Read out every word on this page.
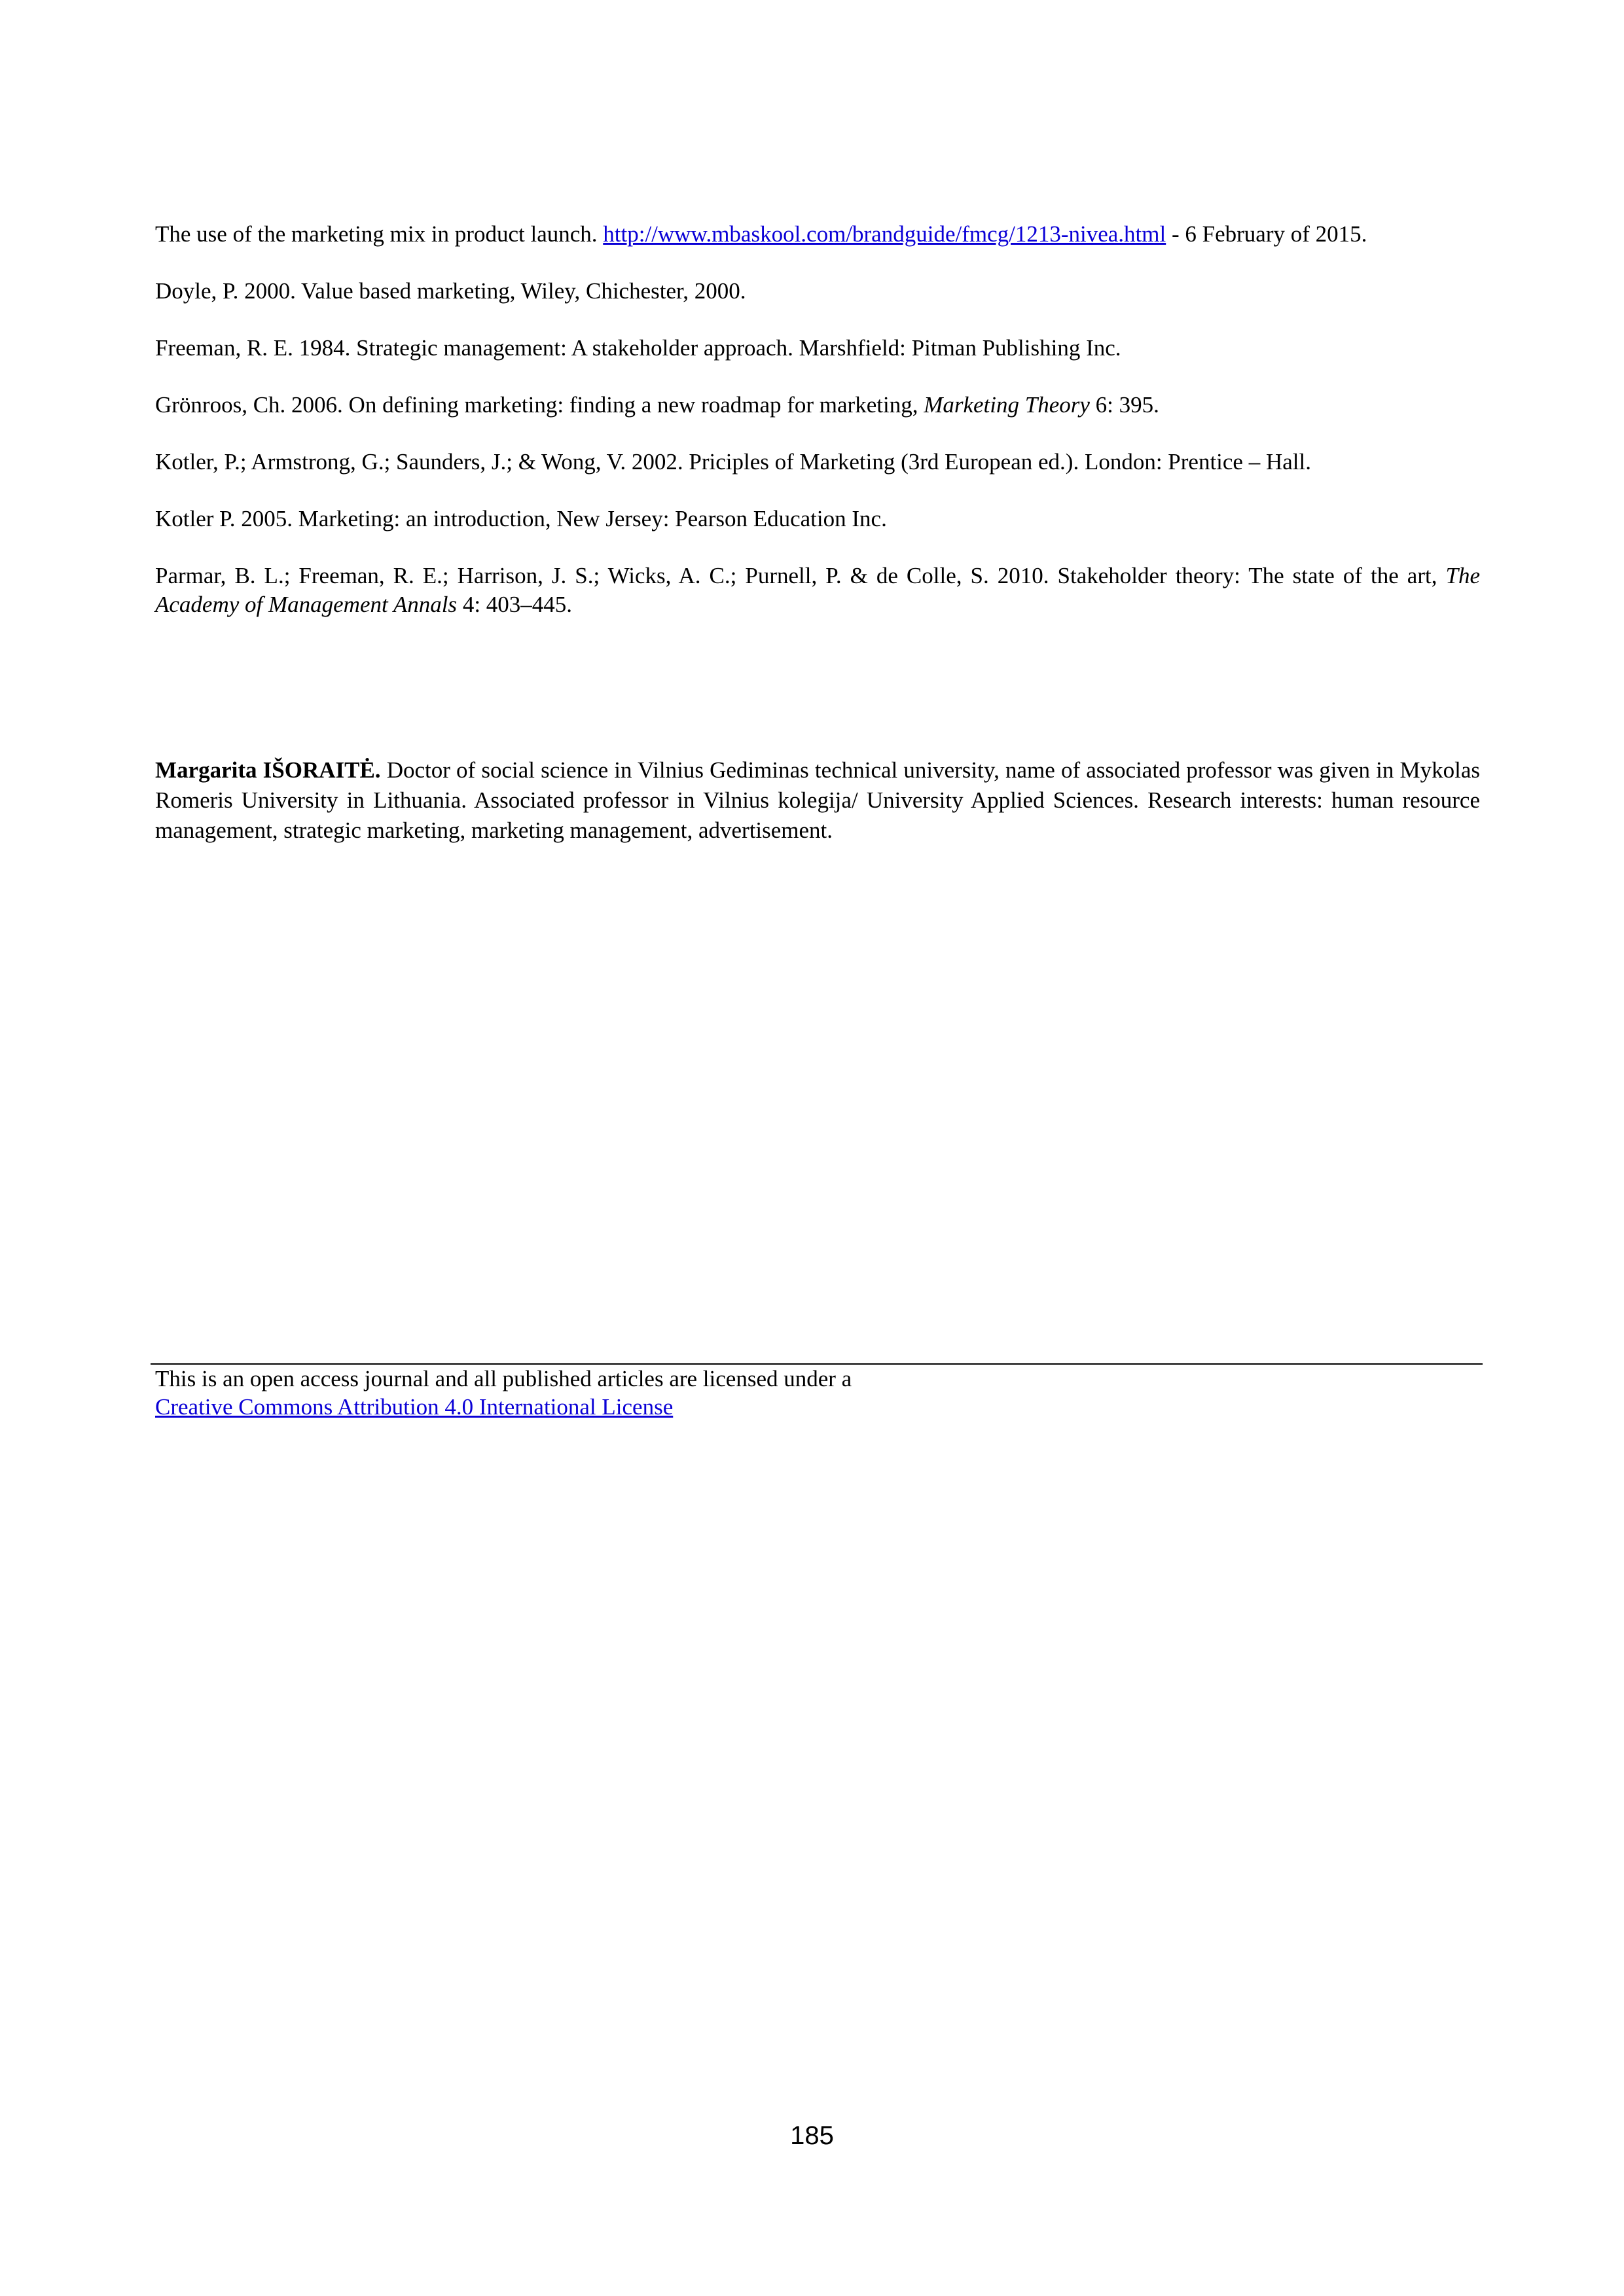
The use of the marketing mix in product launch. http://www.mbaskool.com/brandguide/fmcg/1213-nivea.html - 6 February of 2015.

Doyle, P. 2000. Value based marketing, Wiley, Chichester, 2000.

Freeman, R. E. 1984. Strategic management: A stakeholder approach. Marshfield: Pitman Publishing Inc.

Grönroos, Ch. 2006. On defining marketing: finding a new roadmap for marketing, Marketing Theory 6: 395.

Kotler, P.; Armstrong, G.; Saunders, J.; & Wong, V. 2002. Priciples of Marketing (3rd European ed.). London: Prentice – Hall.

Kotler P. 2005. Marketing: an introduction, New Jersey: Pearson Education Inc.

Parmar, B. L.; Freeman, R. E.; Harrison, J. S.; Wicks, A. C.; Purnell, P. & de Colle, S. 2010. Stakeholder theory: The state of the art, The Academy of Management Annals 4: 403–445.

Margarita IŠORAITĖ. Doctor of social science in Vilnius Gediminas technical university, name of associated professor was given in Mykolas Romeris University in Lithuania. Associated professor in Vilnius kolegija/ University Applied Sciences. Research interests: human resource management, strategic marketing, marketing management, advertisement.

This is an open access journal and all published articles are licensed under a
Creative Commons Attribution 4.0 International License
185
